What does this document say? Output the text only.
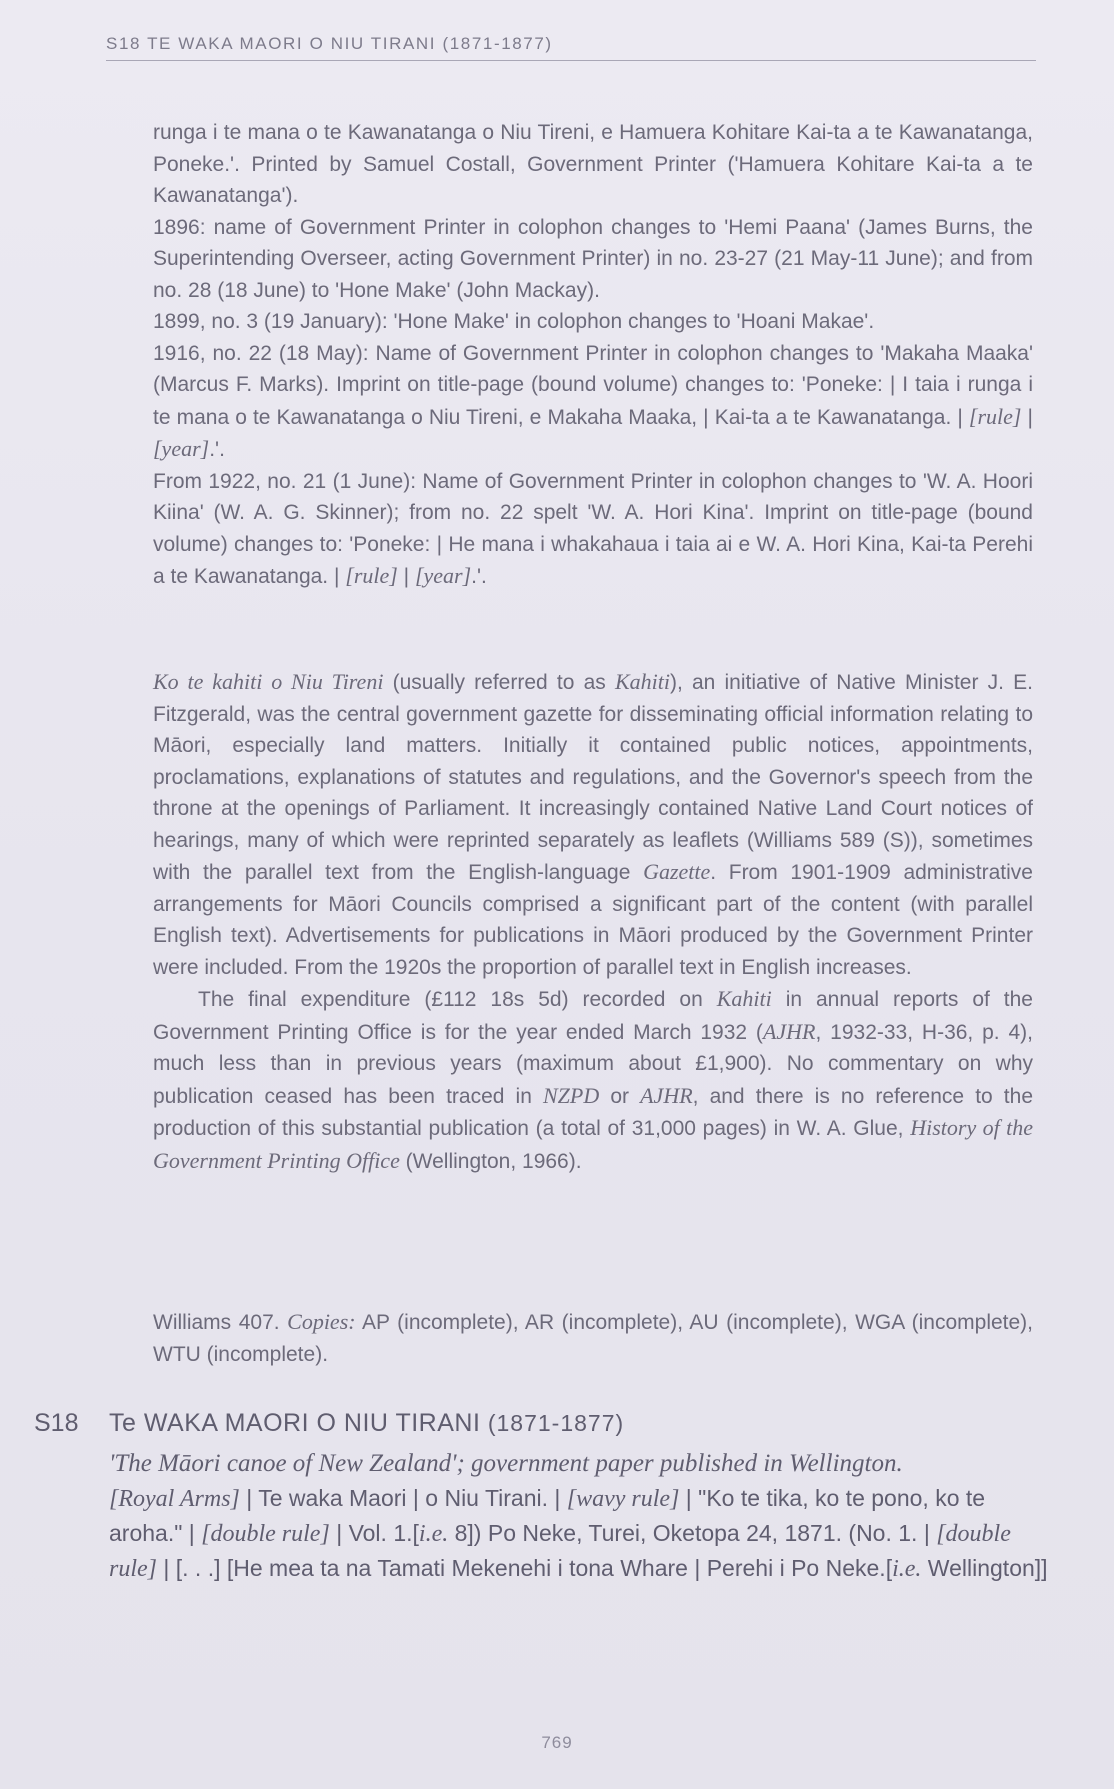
S18 TE WAKA MAORI O NIU TIRANI (1871-1877)

runga i te mana o te Kawanatanga o Niu Tireni, e Hamuera Kohitare Kai-ta a te Kawanatanga, Poneke.'. Printed by Samuel Costall, Government Printer ('Hamuera Kohitare Kai-ta a te Kawanatanga').

1896: name of Government Printer in colophon changes to 'Hemi Paana' (James Burns, the Superintending Overseer, acting Government Printer) in no. 23-27 (21 May-11 June); and from no. 28 (18 June) to 'Hone Make' (John Mackay).

1899, no. 3 (19 January): 'Hone Make' in colophon changes to 'Hoani Makae'.

1916, no. 22 (18 May): Name of Government Printer in colophon changes to 'Makaha Maaka' (Marcus F. Marks). Imprint on title-page (bound volume) changes to: 'Poneke: | I taia i runga i te mana o te Kawanatanga o Niu Tireni, e Makaha Maaka, | Kai-ta a te Kawanatanga. | [rule] | [year].'.

From 1922, no. 21 (1 June): Name of Government Printer in colophon changes to 'W. A. Hoori Kiina' (W. A. G. Skinner); from no. 22 spelt 'W. A. Hori Kina'. Imprint on title-page (bound volume) changes to: 'Poneke: | He mana i whakahaua i taia ai e W. A. Hori Kina, Kai-ta Perehi a te Kawanatanga. | [rule] | [year].'.

Ko te kahiti o Niu Tireni (usually referred to as Kahiti), an initiative of Native Minister J. E. Fitzgerald, was the central government gazette for disseminating official information relating to Māori, especially land matters. Initially it contained public notices, appointments, proclamations, explanations of statutes and regulations, and the Governor's speech from the throne at the openings of Parliament. It increasingly contained Native Land Court notices of hearings, many of which were reprinted separately as leaflets (Williams 589 (S)), sometimes with the parallel text from the English-language Gazette. From 1901-1909 administrative arrangements for Māori Councils comprised a significant part of the content (with parallel English text). Advertisements for publications in Māori produced by the Government Printer were included. From the 1920s the proportion of parallel text in English increases.

The final expenditure (£112 18s 5d) recorded on Kahiti in annual reports of the Government Printing Office is for the year ended March 1932 (AJHR, 1932-33, H-36, p. 4), much less than in previous years (maximum about £1,900). No commentary on why publication ceased has been traced in NZPD or AJHR, and there is no reference to the production of this substantial publication (a total of 31,000 pages) in W. A. Glue, History of the Government Printing Office (Wellington, 1966).

Williams 407. Copies: AP (incomplete), AR (incomplete), AU (incomplete), WGA (incomplete), WTU (incomplete).

S18 Te WAKA MAORI O NIU TIRANI (1871-1877)

'The Māori canoe of New Zealand'; government paper published in Wellington.

[Royal Arms] | Te waka Maori | o Niu Tirani. | [wavy rule] | "Ko te tika, ko te pono, ko te aroha." | [double rule] | Vol. 1.[i.e. 8]) Po Neke, Turei, Oketopa 24, 1871. (No. 1. | [double rule] | [. . .] [He mea ta na Tamati Mekenehi i tona Whare | Perehi i Po Neke.[i.e. Wellington]]

769
